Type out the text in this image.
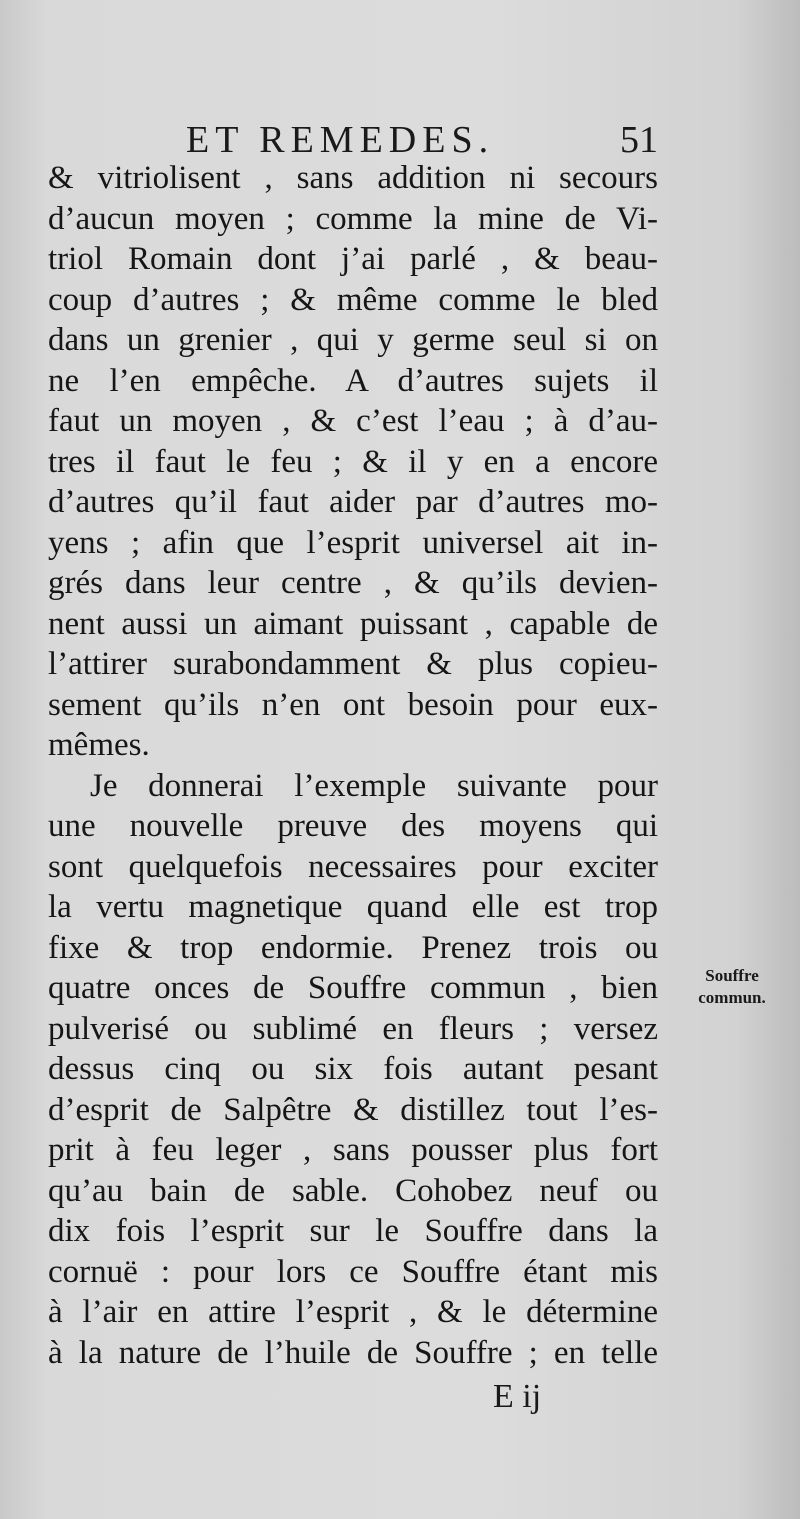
ET REMEDES.	51
& vitriolisent , sans addition ni secours
d’aucun moyen ; comme la mine de Vi-
triol Romain dont j’ai parlé , & beau-
coup d’autres ; & même comme le bled
dans un grenier , qui y germe seul si on
ne l’en empêche. A d’autres sujets il
faut un moyen , & c’est l’eau ; à d’au-
tres il faut le feu ; & il y en a encore
d’autres qu’il faut aider par d’autres mo-
yens ; afin que l’esprit universel ait in-
grés dans leur centre , & qu’ils devien-
nent aussi un aimant puissant , capable de
l’attirer surabondamment & plus copieu-
sement qu’ils n’en ont besoin pour eux-
mêmes.
Je donnerai l’exemple suivante pour
une nouvelle preuve des moyens qui
sont quelquefois necessaires pour exciter
la vertu magnetique quand elle est trop
fixe & trop endormie. Prenez trois ou
quatre onces de Souffre commun , bien
pulverisé ou sublimé en fleurs ; versez
dessus cinq ou six fois autant pesant
d’esprit de Salpêtre & distillez tout l’es-
prit à feu leger , sans pousser plus fort
qu’au bain de sable. Cohobez neuf ou
dix fois l’esprit sur le Souffre dans la
cornuë : pour lors ce Souffre étant mis
à l’air en attire l’esprit , & le détermine
à la nature de l’huile de Souffre ; en telle
Souffre
commun.
E ij
